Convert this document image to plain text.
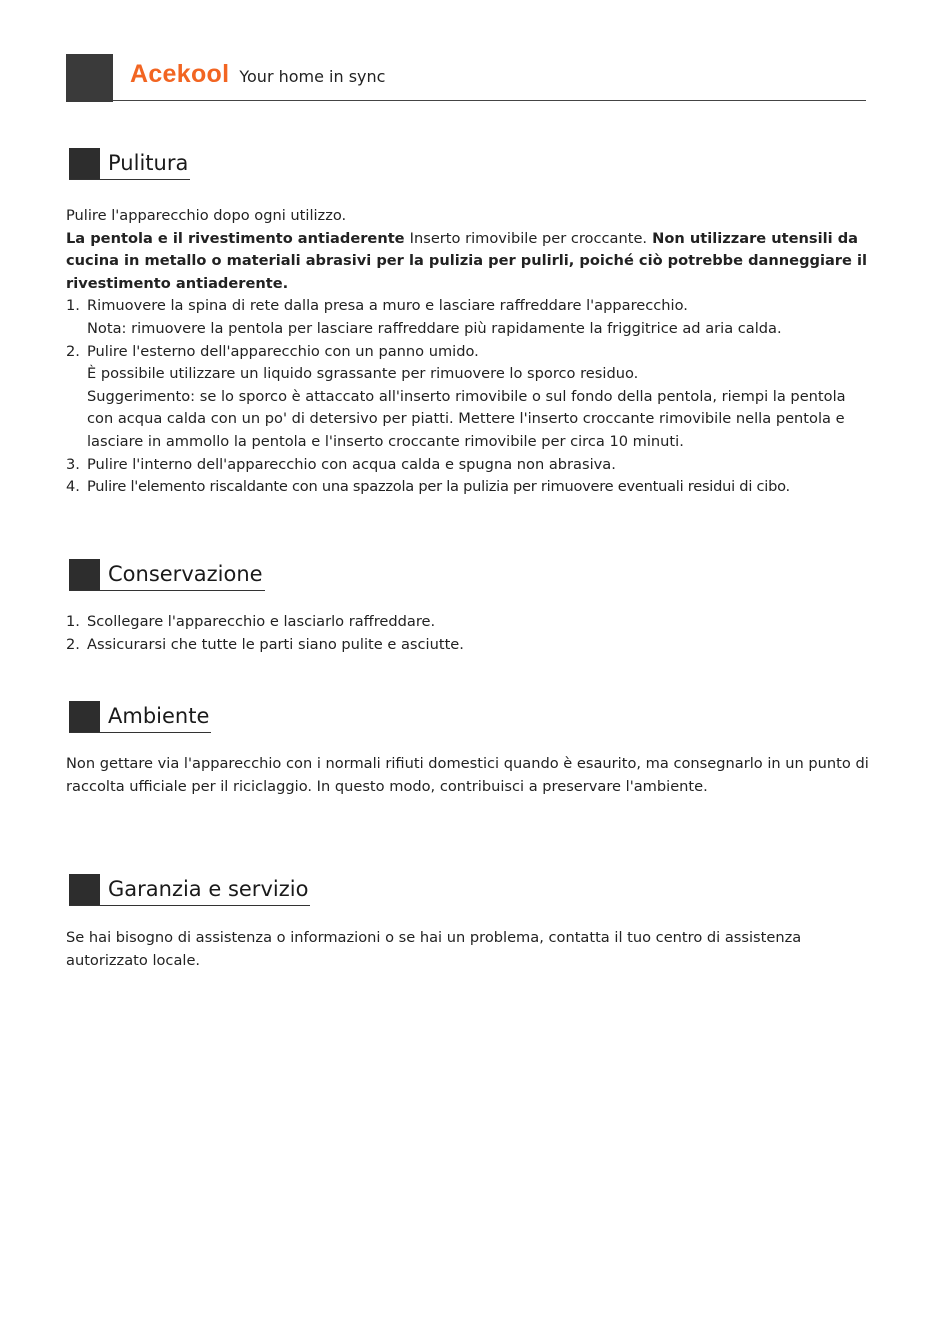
Acekool Your home in sync
Pulitura

Pulire l'apparecchio dopo ogni utilizzo.

La pentola e il rivestimento antiaderente Inserto rimovibile per croccante. Non utilizzare utensili da cucina in metallo o materiali abrasivi per la pulizia per pulirli, poiché ciò potrebbe danneggiare il rivestimento antiaderente.

1. Rimuovere la spina di rete dalla presa a muro e lasciare raffreddare l'apparecchio.

Nota: rimuovere la pentola per lasciare raffreddare più rapidamente la friggitrice ad aria calda.

2. Pulire l'esterno dell'apparecchio con un panno umido.

È possibile utilizzare un liquido sgrassante per rimuovere lo sporco residuo.

Suggerimento: se lo sporco è attaccato all'inserto rimovibile o sul fondo della pentola, riempi la pentola con acqua calda con un po' di detersivo per piatti. Mettere l'inserto croccante rimovibile nella pentola e lasciare in ammollo la pentola e l'inserto croccante rimovibile per circa 10 minuti.

3. Pulire l'interno dell'apparecchio con acqua calda e spugna non abrasiva.

4. Pulire l'elemento riscaldante con una spazzola per la pulizia per rimuovere eventuali residui di cibo.

Conservazione
1. Scollegare l'apparecchio e lasciarlo raffreddare.

2. Assicurarsi che tutte le parti siano pulite e asciutte.

Ambiente

Non gettare via l'apparecchio con i normali rifiuti domestici quando è esaurito, ma consegnarlo in un punto di raccolta ufficiale per il riciclaggio. In questo modo, contribuisci a preservare l'ambiente.

Garanzia e servizio

Se hai bisogno di assistenza o informazioni o se hai un problema, contatta il tuo centro di assistenza autorizzato locale.
